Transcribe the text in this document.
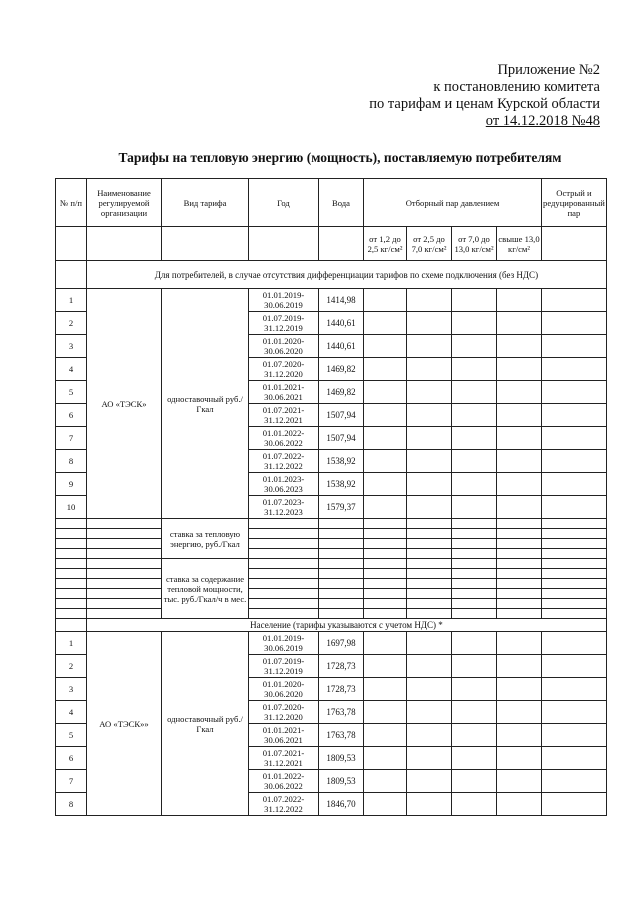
Приложение №2
к постановлению комитета
по тарифам и ценам Курской области
от 14.12.2018 №48
Тарифы на тепловую энергию (мощность), поставляемую потребителям
№ п/п	Наименование регулируемой организации	Вид тарифа	Год	Вода	Отборный пар давлением				Острый и редуцированный пар
					от 1,2 до 2,5 кг/см²	от 2,5 до 7,0 кг/см²	от 7,0 до 13,0 кг/см²	свыше 13,0 кг/см²	
	Для потребителей, в случае отсутствия дифференциации тарифов по схеме подключения (без НДС)								
1	АО «ТЭСК»	одноставочный руб./Гкал	01.01.2019-30.06.2019	1414,98					
2			01.07.2019-31.12.2019	1440,61					
3			01.01.2020-30.06.2020	1440,61					
4			01.07.2020-31.12.2020	1469,82					
5			01.01.2021-30.06.2021	1469,82					
6			01.07.2021-31.12.2021	1507,94					
7			01.01.2022-30.06.2022	1507,94					
8			01.07.2022-31.12.2022	1538,92					
9			01.01.2023-30.06.2023	1538,92					
10			01.07.2023-31.12.2023	1579,37					
		ставка за тепловую энергию, руб./Гкал							

		ставка за содержание тепловой мощности, тыс. руб./Гкал/ч в мес.							

	Население (тарифы указываются с учетом НДС) *								
1	АО «ТЭСК»»	одноставочный руб./Гкал	01.01.2019-30.06.2019	1697,98					
2			01.07.2019-31.12.2019	1728,73					
3			01.01.2020-30.06.2020	1728,73					
4			01.07.2020-31.12.2020	1763,78					
5			01.01.2021-30.06.2021	1763,78					
6			01.07.2021-31.12.2021	1809,53					
7			01.01.2022-30.06.2022	1809,53					
8			01.07.2022-31.12.2022	1846,70					
